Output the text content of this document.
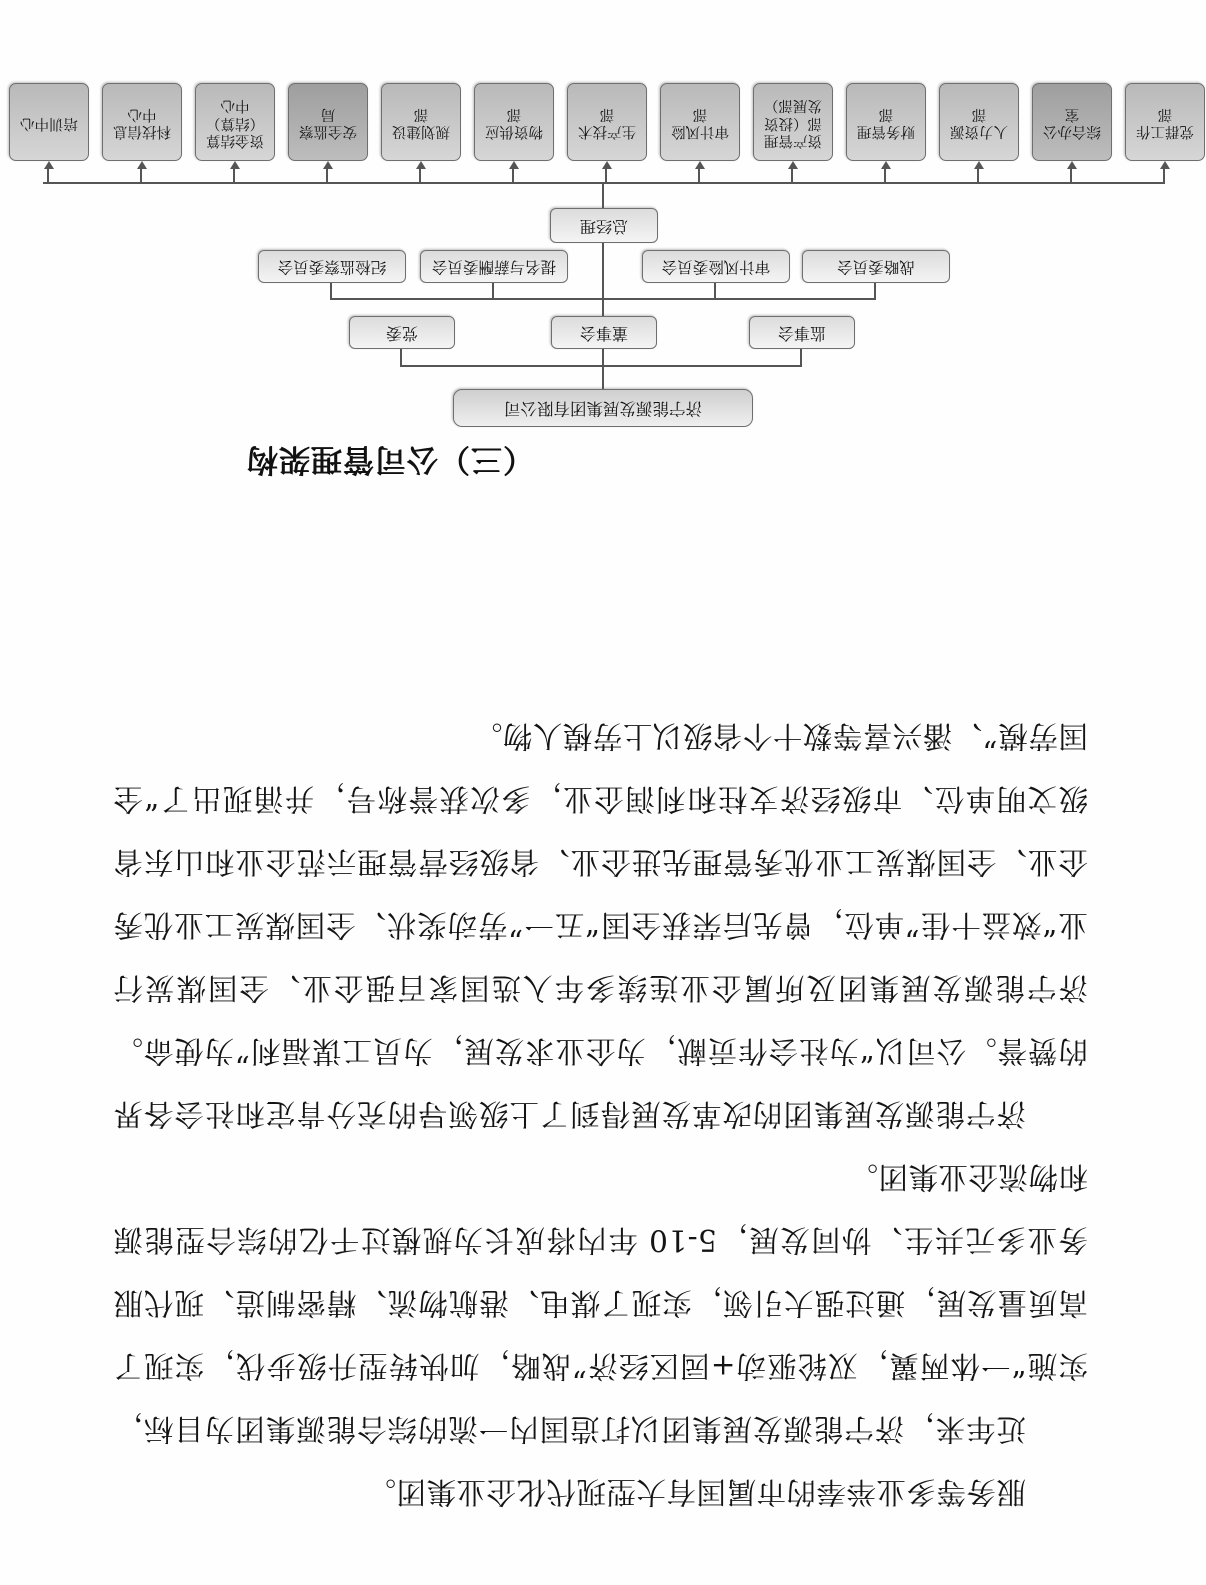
服务等多业举奉的市属国有大型现代化企业集团。

近年来，济宁能源发展集团以打造国内一流的综合能源集团为目标，实施“一体两翼，双轮驱动+园区经济”战略，加快转型升级步伐，实现了高质量发展，通过强大引领，实现了煤电、港航物流、精密制造、现代服务业多元共生、协同发展，5-10 年内将成长为规模过千亿的综合型能源和物流企业集团。

济宁能源发展集团的改革发展得到了上级领导的充分肯定和社会各界的赞誉。公司以“为社会作贡献，为企业求发展，为员工谋福利”为使命。济宁能源发展集团及所属企业连续多年入选国家百强企业、全国煤炭行业“效益十佳”单位，曾先后荣获全国“五一”劳动奖状、全国煤炭工业优秀企业、全国煤炭工业优秀管理先进企业、省级经营管理示范企业和山东省级文明单位、市级经济支柱和利润企业，多次获誉称号，并涌现出了“全国劳模”、潘兴喜等数十个省级以上劳模人物。

（三）公司管理架构
济宁能源发展集团有限公司
监事会
董事会
党委
战略委员会
审计风险委员会
提名与薪酬委员会
纪检监察委员会
总经理
党群工作部
综合办公室
人力资源部
财务管理部
资产管理部（投资发展部）
审计风险部
生产技术部
物资供应部
规划建设部
安全监察局
资金结算（结算）中心
科技信息中心
培训中心
